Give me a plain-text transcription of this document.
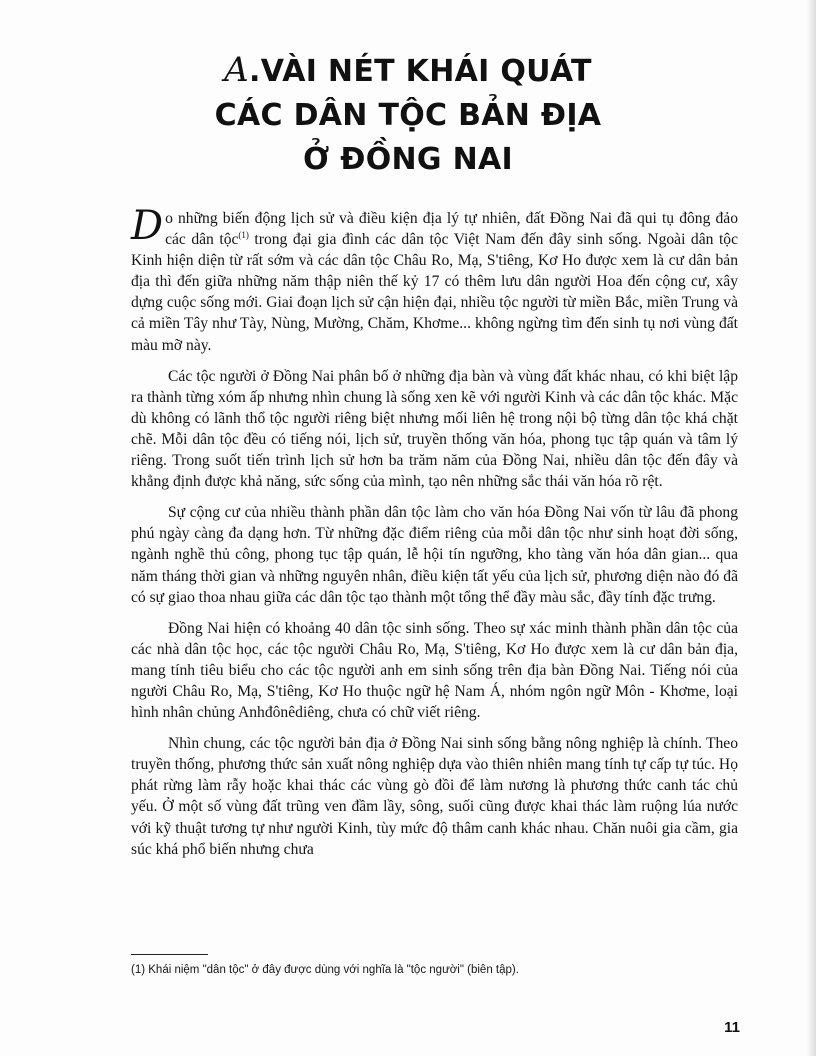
A.VÀI NÉT KHÁI QUÁT
CÁC DÂN TỘC BẢN ĐỊA
Ở ĐỒNG NAI

Do những biến động lịch sử và điều kiện địa lý tự nhiên, đất Đồng Nai đã qui tụ đông đảo các dân tộc$^{(1)}$ trong đại gia đình các dân tộc Việt Nam đến đây sinh sống. Ngoài dân tộc Kinh hiện diện từ rất sớm và các dân tộc Châu Ro, Mạ, S'tiêng, Kơ Ho được xem là cư dân bản địa thì đến giữa những năm thập niên thế kỷ 17 có thêm lưu dân người Hoa đến cộng cư, xây dựng cuộc sống mới. Giai đoạn lịch sử cận hiện đại, nhiều tộc người từ miền Bắc, miền Trung và cả miền Tây như Tày, Nùng, Mường, Chăm, Khơme... không ngừng tìm đến sinh tụ nơi vùng đất màu mỡ này.

Các tộc người ở Đồng Nai phân bố ở những địa bàn và vùng đất khác nhau, có khi biệt lập ra thành từng xóm ấp nhưng nhìn chung là sống xen kẽ với người Kinh và các dân tộc khác. Mặc dù không có lãnh thổ tộc người riêng biệt nhưng mối liên hệ trong nội bộ từng dân tộc khá chặt chẽ. Mỗi dân tộc đều có tiếng nói, lịch sử, truyền thống văn hóa, phong tục tập quán và tâm lý riêng. Trong suốt tiến trình lịch sử hơn ba trăm năm của Đồng Nai, nhiều dân tộc đến đây và khẳng định được khả năng, sức sống của mình, tạo nên những sắc thái văn hóa rõ rệt.

Sự cộng cư của nhiều thành phần dân tộc làm cho văn hóa Đồng Nai vốn từ lâu đã phong phú ngày càng đa dạng hơn. Từ những đặc điểm riêng của mỗi dân tộc như sinh hoạt đời sống, ngành nghề thủ công, phong tục tập quán, lễ hội tín ngưỡng, kho tàng văn hóa dân gian... qua năm tháng thời gian và những nguyên nhân, điều kiện tất yếu của lịch sử, phương diện nào đó đã có sự giao thoa nhau giữa các dân tộc tạo thành một tổng thể đầy màu sắc, đầy tính đặc trưng.

Đồng Nai hiện có khoảng 40 dân tộc sinh sống. Theo sự xác minh thành phần dân tộc của các nhà dân tộc học, các tộc người Châu Ro, Mạ, S'tiêng, Kơ Ho được xem là cư dân bản địa, mang tính tiêu biểu cho các tộc người anh em sinh sống trên địa bàn Đồng Nai. Tiếng nói của người Châu Ro, Mạ, S'tiêng, Kơ Ho thuộc ngữ hệ Nam Á, nhóm ngôn ngữ Môn - Khơme, loại hình nhân chủng Anhđônêdiêng, chưa có chữ viết riêng.

Nhìn chung, các tộc người bản địa ở Đồng Nai sinh sống bằng nông nghiệp là chính. Theo truyền thống, phương thức sản xuất nông nghiệp dựa vào thiên nhiên mang tính tự cấp tự túc. Họ phát rừng làm rẫy hoặc khai thác các vùng gò đồi để làm nương là phương thức canh tác chủ yếu. Ở một số vùng đất trũng ven đầm lầy, sông, suối cũng được khai thác làm ruộng lúa nước với kỹ thuật tương tự như người Kinh, tùy mức độ thâm canh khác nhau. Chăn nuôi gia cầm, gia súc khá phổ biến nhưng chưa

(1) Khái niệm "dân tộc" ở đây được dùng với nghĩa là "tộc người" (biên tập).
11
